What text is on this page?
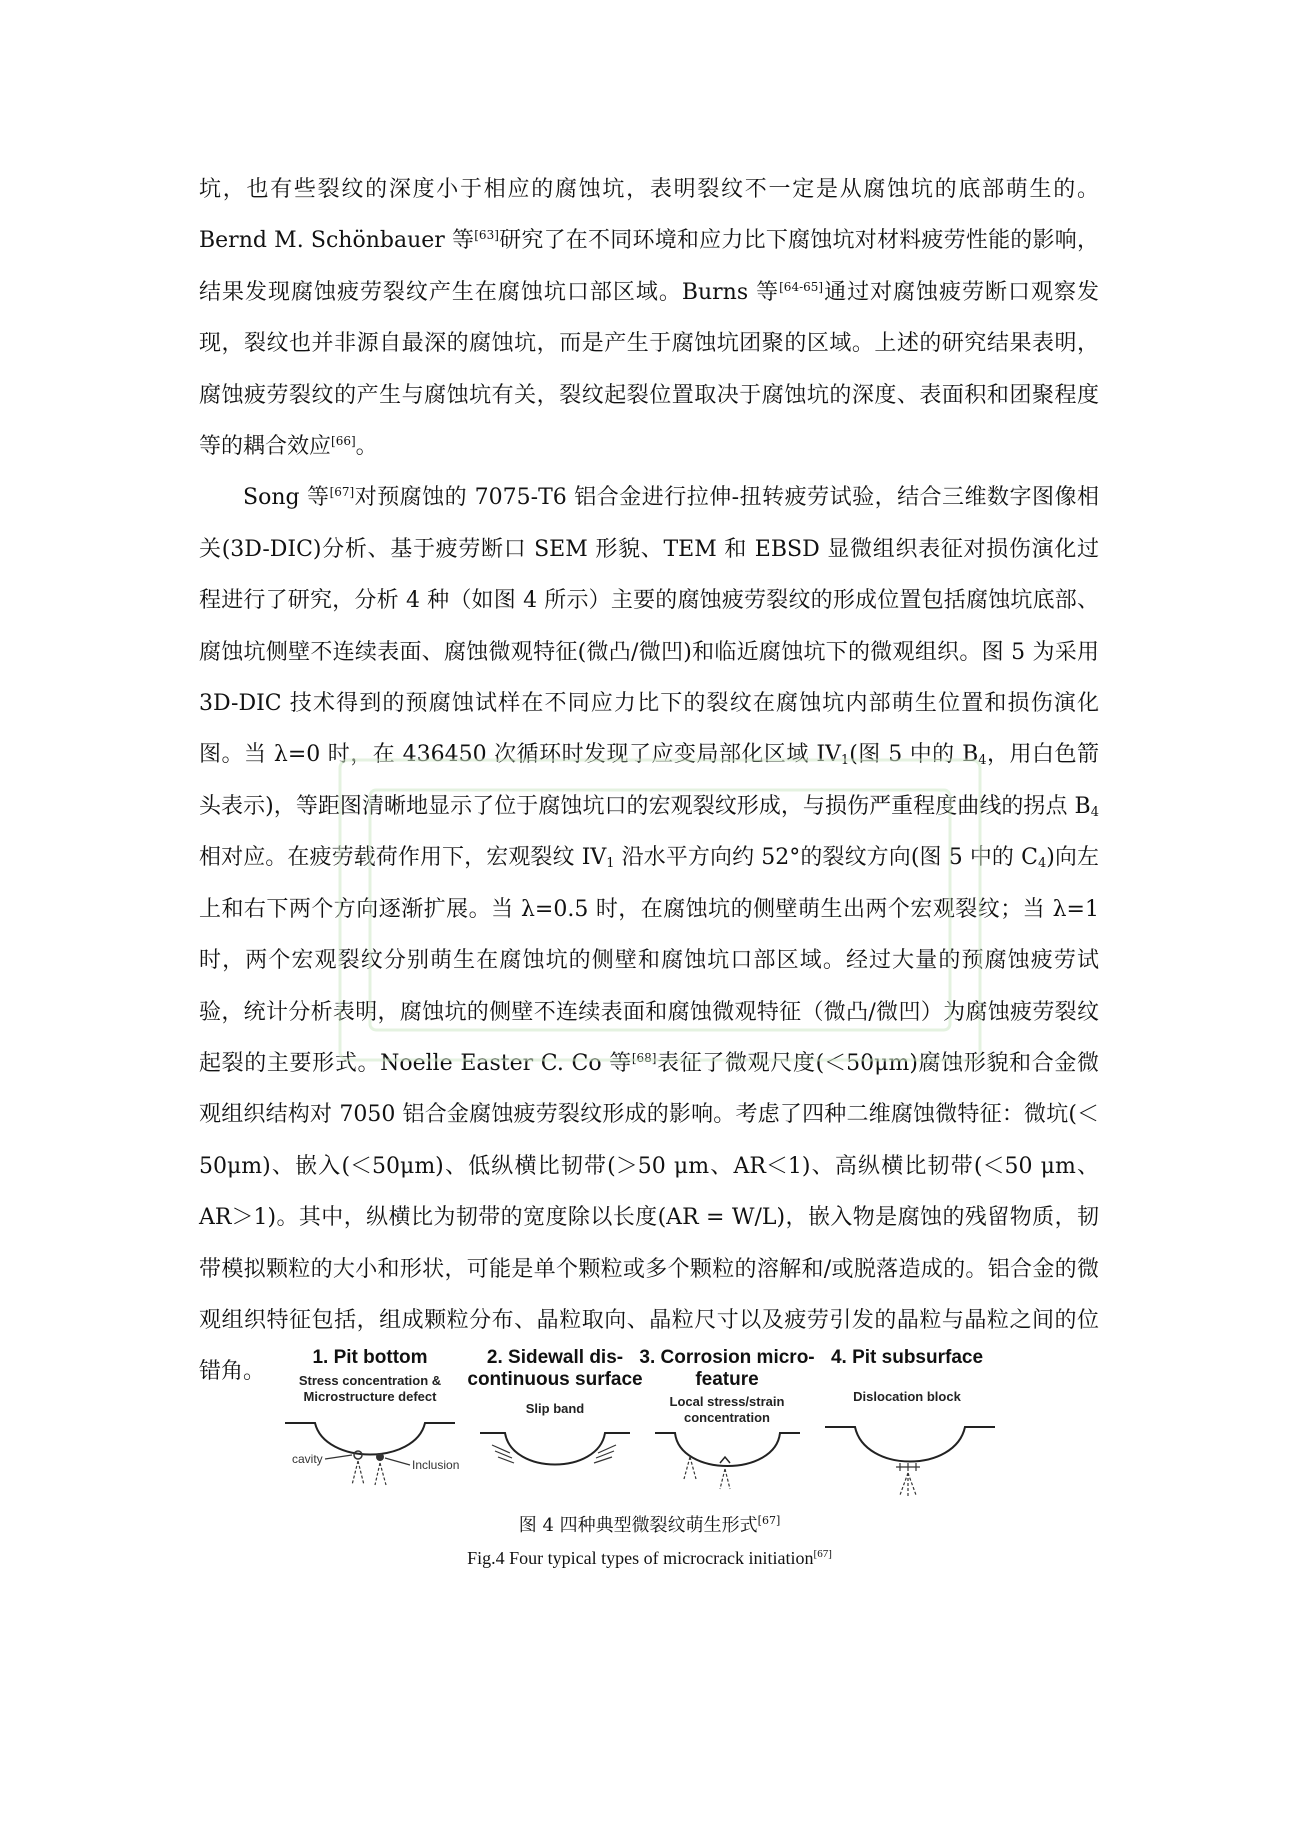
坑，也有些裂纹的深度小于相应的腐蚀坑，表明裂纹不一定是从腐蚀坑的底部萌生的。Bernd M. Schönbauer 等[63]研究了在不同环境和应力比下腐蚀坑对材料疲劳性能的影响，结果发现腐蚀疲劳裂纹产生在腐蚀坑口部区域。Burns 等[64-65]通过对腐蚀疲劳断口观察发现，裂纹也并非源自最深的腐蚀坑，而是产生于腐蚀坑团聚的区域。上述的研究结果表明，腐蚀疲劳裂纹的产生与腐蚀坑有关，裂纹起裂位置取决于腐蚀坑的深度、表面积和团聚程度等的耦合效应[66]。

Song 等[67]对预腐蚀的 7075-T6 铝合金进行拉伸-扭转疲劳试验，结合三维数字图像相关(3D-DIC)分析、基于疲劳断口 SEM 形貌、TEM 和 EBSD 显微组织表征对损伤演化过程进行了研究，分析 4 种（如图 4 所示）主要的腐蚀疲劳裂纹的形成位置包括腐蚀坑底部、腐蚀坑侧壁不连续表面、腐蚀微观特征(微凸/微凹)和临近腐蚀坑下的微观组织。图 5 为采用 3D-DIC 技术得到的预腐蚀试样在不同应力比下的裂纹在腐蚀坑内部萌生位置和损伤演化图。当 λ=0 时，在 436450 次循环时发现了应变局部化区域 $IV_1$(图 5 中的 $B_4$，用白色箭头表示)，等距图清晰地显示了位于腐蚀坑口的宏观裂纹形成，与损伤严重程度曲线的拐点 $B_4$ 相对应。在疲劳载荷作用下，宏观裂纹 $IV_1$ 沿水平方向约 52°的裂纹方向(图 5 中的 $C_4$)向左上和右下两个方向逐渐扩展。当 λ=0.5 时，在腐蚀坑的侧壁萌生出两个宏观裂纹；当 λ=1 时，两个宏观裂纹分别萌生在腐蚀坑的侧壁和腐蚀坑口部区域。经过大量的预腐蚀疲劳试验，统计分析表明，腐蚀坑的侧壁不连续表面和腐蚀微观特征（微凸/微凹）为腐蚀疲劳裂纹起裂的主要形式。Noelle Easter C. Co 等[68]表征了微观尺度(＜50μm)腐蚀形貌和合金微观组织结构对 7050 铝合金腐蚀疲劳裂纹形成的影响。考虑了四种二维腐蚀微特征：微坑(＜50μm)、嵌入(＜50μm)、低纵横比韧带(＞50 μm、AR＜1)、高纵横比韧带(＜50 μm、AR＞1)。其中，纵横比为韧带的宽度除以长度(AR = W/L)，嵌入物是腐蚀的残留物质，韧带模拟颗粒的大小和形状，可能是单个颗粒或多个颗粒的溶解和/或脱落造成的。铝合金的微观组织特征包括，组成颗粒分布、晶粒取向、晶粒尺寸以及疲劳引发的晶粒与晶粒之间的位错角。

1. Pit bottom
Stress concentration &
Microstructure defect
cavity	Inclusion
2. Sidewall dis-
continuous surface
Slip band
3. Corrosion micro-
feature
Local stress/strain
concentration
4. Pit subsurface
Dislocation block
图 4 四种典型微裂纹萌生形式[67]
Fig.4 Four typical types of microcrack initiation[67]
